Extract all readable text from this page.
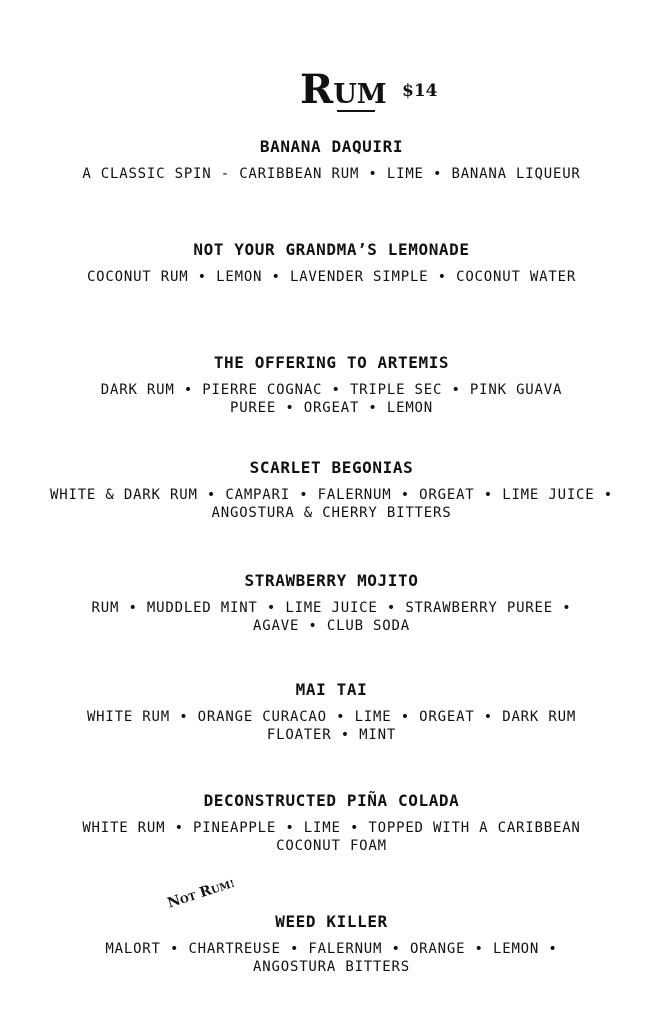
RUM $14
BANANA DAQUIRI
A CLASSIC SPIN - CARIBBEAN RUM • LIME • BANANA LIQUEUR
NOT YOUR GRANDMA’S LEMONADE
COCONUT RUM • LEMON • LAVENDER SIMPLE • COCONUT WATER
THE OFFERING TO ARTEMIS
DARK RUM • PIERRE COGNAC • TRIPLE SEC • PINK GUAVA PUREE • ORGEAT • LEMON
SCARLET BEGONIAS
WHITE & DARK RUM • CAMPARI • FALERNUM • ORGEAT • LIME JUICE • ANGOSTURA & CHERRY BITTERS
STRAWBERRY MOJITO
RUM • MUDDLED MINT • LIME JUICE • STRAWBERRY PUREE • AGAVE • CLUB SODA
MAI TAI
WHITE RUM • ORANGE CURACAO • LIME • ORGEAT • DARK RUM FLOATER • MINT
DECONSTRUCTED PIÑA COLADA
WHITE RUM • PINEAPPLE • LIME • TOPPED WITH A CARIBBEAN COCONUT FOAM
WEED KILLER
MALORT • CHARTREUSE • FALERNUM • ORANGE • LEMON • ANGOSTURA BITTERS
NOT RUM!
